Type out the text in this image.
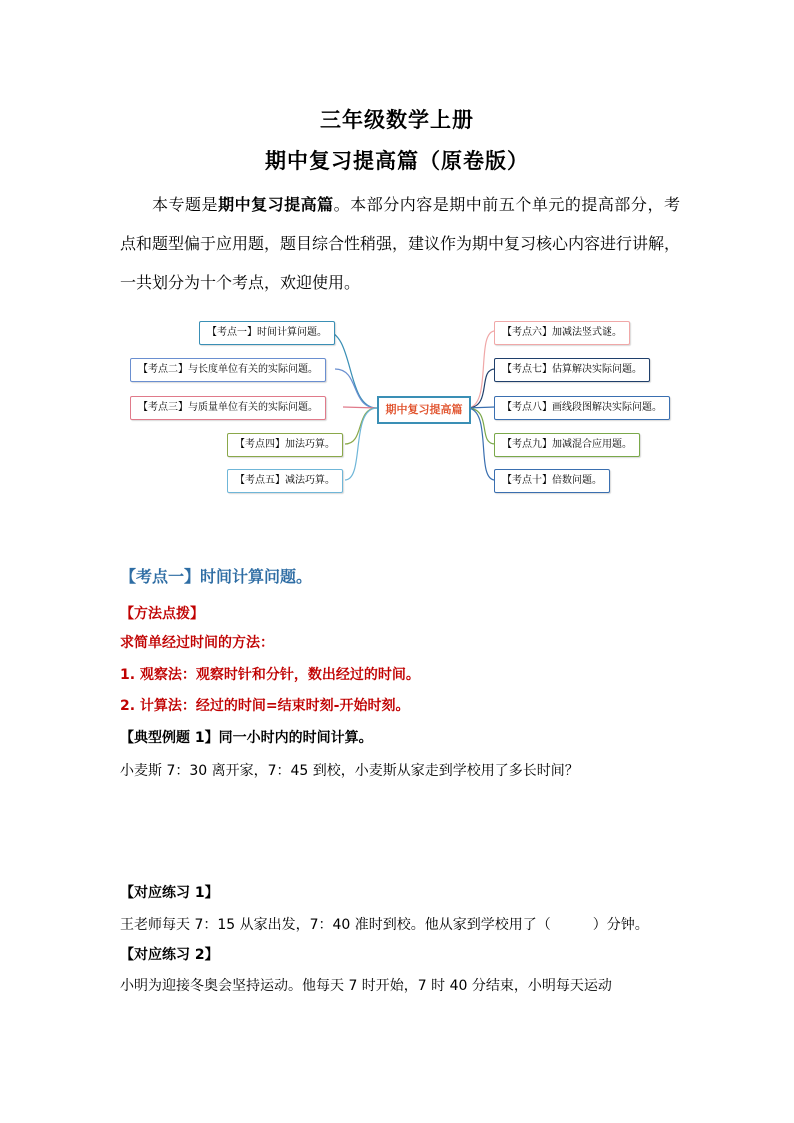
三年级数学上册
期中复习提高篇（原卷版）
本专题是期中复习提高篇。本部分内容是期中前五个单元的提高部分，考点和题型偏于应用题，题目综合性稍强，建议作为期中复习核心内容进行讲解，一共划分为十个考点，欢迎使用。
期中复习提高篇
【考点一】时间计算问题。
【考点二】与长度单位有关的实际问题。
【考点三】与质量单位有关的实际问题。
【考点四】加法巧算。
【考点五】减法巧算。
【考点六】加减法竖式谜。
【考点七】估算解决实际问题。
【考点八】画线段图解决实际问题。
【考点九】加减混合应用题。
【考点十】倍数问题。
【考点一】时间计算问题。
【方法点拨】
求简单经过时间的方法：
1. 观察法：观察时针和分针，数出经过的时间。
2. 计算法：经过的时间=结束时刻-开始时刻。
【典型例题 1】同一小时内的时间计算。
小麦斯 7：30 离开家，7：45 到校，小麦斯从家走到学校用了多长时间？
【对应练习 1】
王老师每天 7：15 从家出发，7：40 准时到校。他从家到学校用了（　　　）分钟。
【对应练习 2】
小明为迎接冬奥会坚持运动。他每天 7 时开始，7 时 40 分结束，小明每天运动
